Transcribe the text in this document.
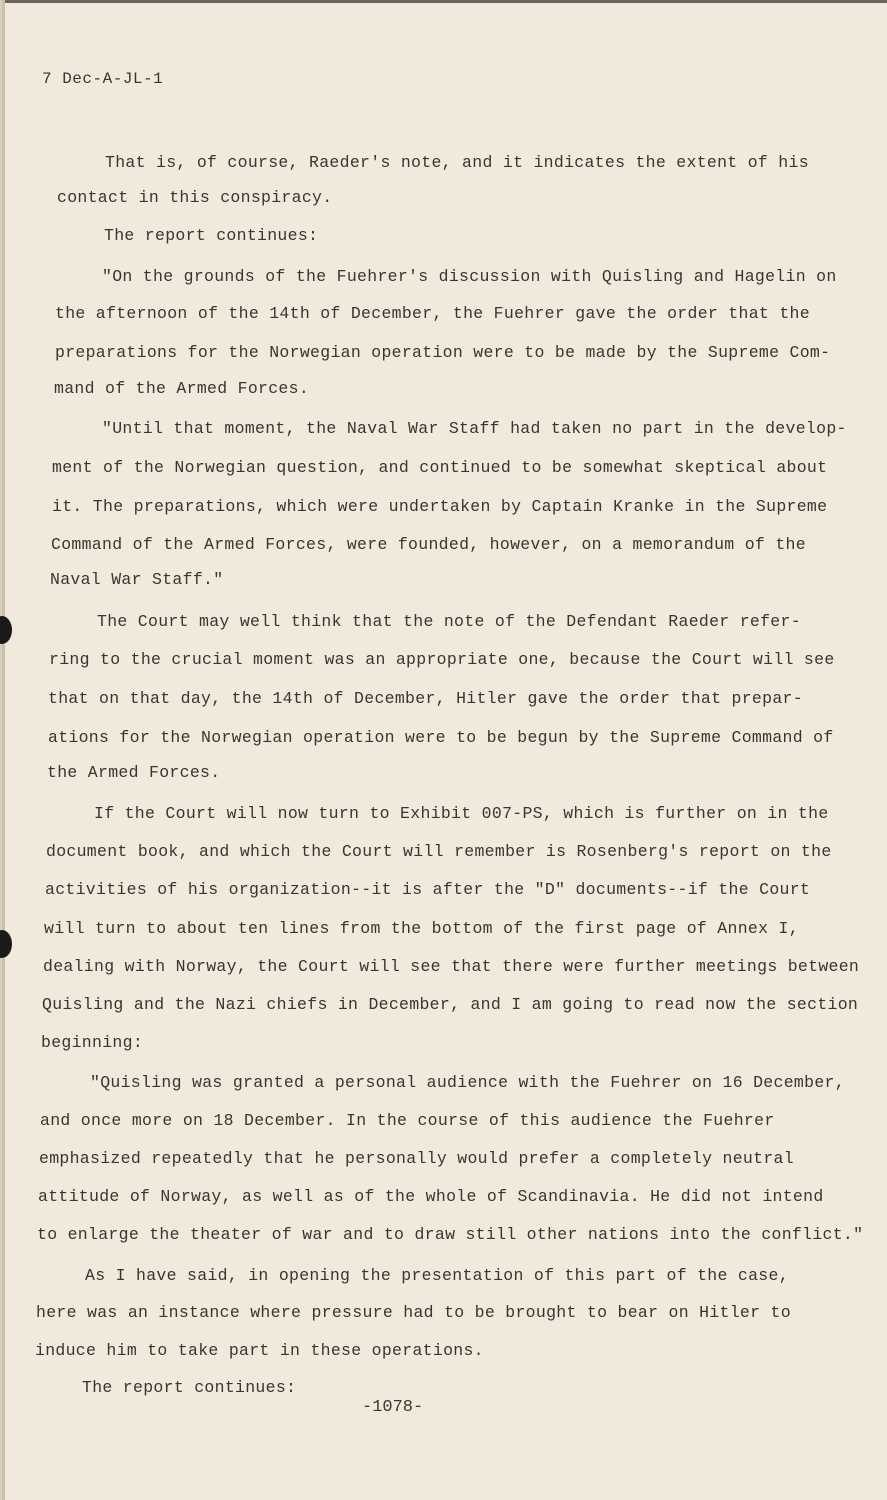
7 Dec-A-JL-1
That is, of course, Raeder's note, and it indicates the extent of his
contact in this conspiracy.
The report continues:
"On the grounds of the Fuehrer's discussion with Quisling and Hagelin on
the afternoon of the 14th of December, the Fuehrer gave the order that the
preparations for the Norwegian operation were to be made by the Supreme Com-
mand of the Armed Forces.
"Until that moment, the Naval War Staff had taken no part in the develop-
ment of the Norwegian question, and continued to be somewhat skeptical about
it. The preparations, which were undertaken by Captain Kranke in the Supreme
Command of the Armed Forces, were founded, however, on a memorandum of the
Naval War Staff."
The Court may well think that the note of the Defendant Raeder refer-
ring to the crucial moment was an appropriate one, because the Court will see
that on that day, the 14th of December, Hitler gave the order that prepar-
ations for the Norwegian operation were to be begun by the Supreme Command of
the Armed Forces.
If the Court will now turn to Exhibit 007-PS, which is further on in the
document book, and which the Court will remember is Rosenberg's report on the
activities of his organization--it is after the "D" documents--if the Court
will turn to about ten lines from the bottom of the first page of Annex I,
dealing with Norway, the Court will see that there were further meetings between
Quisling and the Nazi chiefs in December, and I am going to read now the section
beginning:
"Quisling was granted a personal audience with the Fuehrer on 16 December,
and once more on 18 December. In the course of this audience the Fuehrer
emphasized repeatedly that he personally would prefer a completely neutral
attitude of Norway, as well as of the whole of Scandinavia. He did not intend
to enlarge the theater of war and to draw still other nations into the conflict."
As I have said, in opening the presentation of this part of the case,
here was an instance where pressure had to be brought to bear on Hitler to
induce him to take part in these operations.
The report continues:
-1078-
